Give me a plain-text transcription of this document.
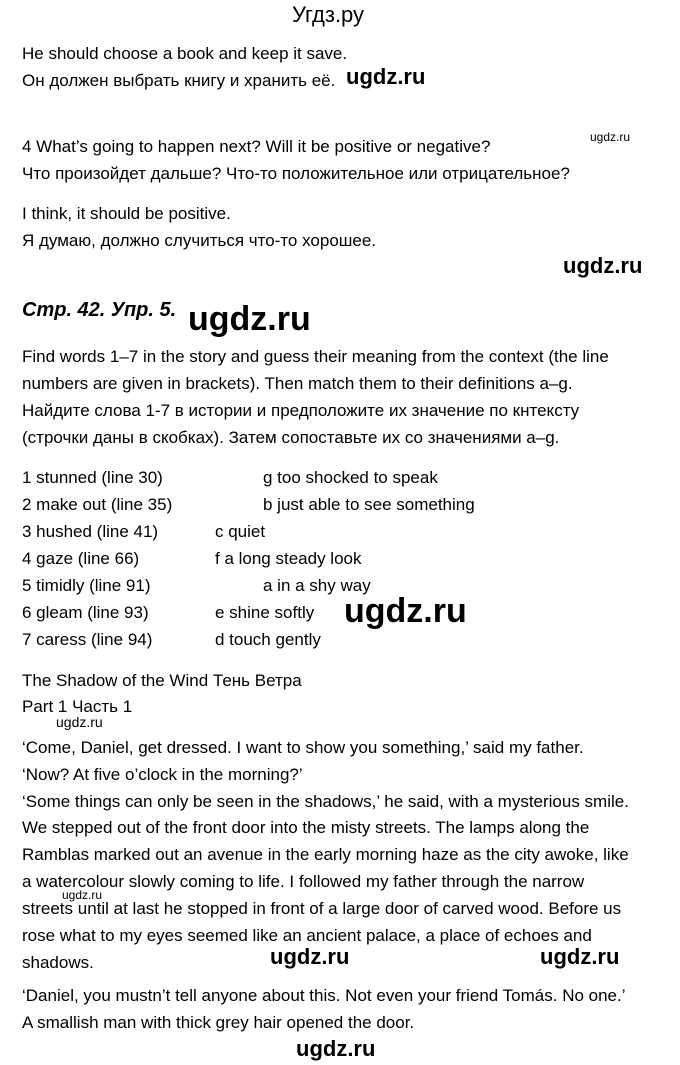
Угдз.ру
He should choose a book and keep it save.
Он должен выбрать книгу и хранить её. ugdz.ru
ugdz.ru
4 What’s going to happen next? Will it be positive or negative?
Что произойдет дальше? Что-то положительное или отрицательное?
I think, it should be positive.
Я думаю, должно случиться что-то хорошее.
ugdz.ru
Стр. 42. Упр. 5. ugdz.ru
Find words 1–7 in the story and guess their meaning from the context (the line
numbers are given in brackets). Then match them to their definitions a–g.
Найдите слова 1-7 в истории и предположите их значение по кнтексту
(строчки даны в скобках). Затем сопоставьте их со значениями a–g.
1 stunned (line 30)	g too shocked to speak
2 make out (line 35)	b just able to see something
3 hushed (line 41)	c quiet
4 gaze (line 66)	f a long steady look
5 timidly (line 91)	a in a shy way
6 gleam (line 93)	e shine softly
7 caress (line 94)	d touch gently
ugdz.ru
The Shadow of the Wind Тень Ветра
Part 1 Часть 1
ugdz.ru
‘Come, Daniel, get dressed. I want to show you something,’ said my father.
‘Now? At five o’clock in the morning?’
‘Some things can only be seen in the shadows,’ he said, with a mysterious smile.
We stepped out of the front door into the misty streets. The lamps along the
Ramblas marked out an avenue in the early morning haze as the city awoke, like
a watercolour slowly coming to life. I followed my father through the narrow
ugdz.ru
streets until at last he stopped in front of a large door of carved wood. Before us
rose what to my eyes seemed like an ancient palace, a place of echoes and
shadows.	ugdz.ru	ugdz.ru
‘Daniel, you mustn’t tell anyone about this. Not even your friend Tomás. No one.’
A smallish man with thick grey hair opened the door.
ugdz.ru
